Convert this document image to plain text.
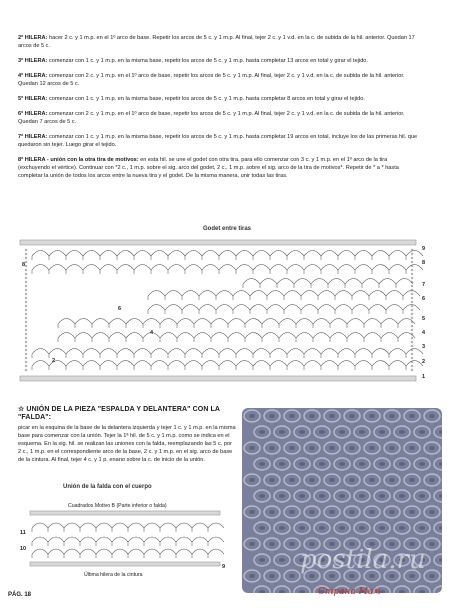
2ª HILERA: hacer 2 c. y 1 m.p. en el 1º arco de base. Repetir los arcos de 5 c. y 1 m.p. Al final, tejer 2 c. y 1 v.d. en la c. de subida de la hil. anterior. Quedan 17 arcos de 5 c.
3ª HILERA: comenzar con 1 c. y 1 m.p. en la misma base, repetir los arcos de 5 c. y 1 m.p. hasta completar 13 arcos en total y girar el tejido.
4ª HILERA: comenzar con 2 c. y 1 m.p. en el 1º arco de base, repetir los arcos de 5 c. y 1 m.p. Al final, tejer 2 c. y 1 v.d. en la c. de subida de la hil. anterior. Quedan 12 arcos de 5 c.
5ª HILERA: comenzar con 1 c. y 1 m.p. en la misma base, repetir los arcos de 5 c. y 1 m.p. hasta completar 8 arcos en total y girar el tejido.
6ª HILERA: comenzar con 2 c. y 1 m.p. en el 1º arco de base, repetir los arcos de 5 c. y 1 m.p. Al final, tejer 2 c. y 1 v.d. en la c. de subida de la hil. anterior. Quedan 7 arcos de 5 c.
7ª HILERA: comenzar con 1 c. y 1 m.p. en la misma base, repetir los arcos de 5 c. y 1 m.p. hasta completar 19 arcos en total, incluye los de las primeras hil. que quedaron sin tejer. Luego girar el tejido.
8ª HILERA - unión con la otra tira de motivos: en esta hil. se une el godet con otra tira, para ello comenzar con 3 c. y 1 m.p. en el 1º arco de la tira (exchuyendo el vértice). Continuar con *2 c., 1 m.p. sobre el sig. arco del godet, 2 c., 1 m.p. sobre el sig. arco de la tira de motivos*. Repetir de * a * hasta completar la unión de todos los arcos entre la nueva tira y el godet. De la misma manera, unir todas las tiras.
Godet entre tiras
9
8
7
6
5
4
3
2
1
8
6
4
2
☆ UNIÓN DE LA PIEZA "ESPALDA Y DELANTERA" CON LA "FALDA":
picar en la esquina de la base de la delantera izquierda y tejer 1 c. y 1 m.p. en la misma base para comenzar con la unión. Tejer la 1ª hil. de 5 c. y 1 m.p. como se indica en el esquema. En la sig. hil. se realizan las uniones con la falda, reemplazando las 5 c. por 2 c., 1 m.p. en el correspondiente arco de la base, 2 c. y 1 m.p. en el sig. arco de base de la cintura. Al final, tejer 4 c. y 1 p. enano sobre la c. de inicio de la unión.
postila.ru
Страна Мам
Unión de la falda con el cuerpo
Cuadrados Motivo B (Parte inferior o falda)
11
10
9
Última hilera de la cintura
PÁG. 18
